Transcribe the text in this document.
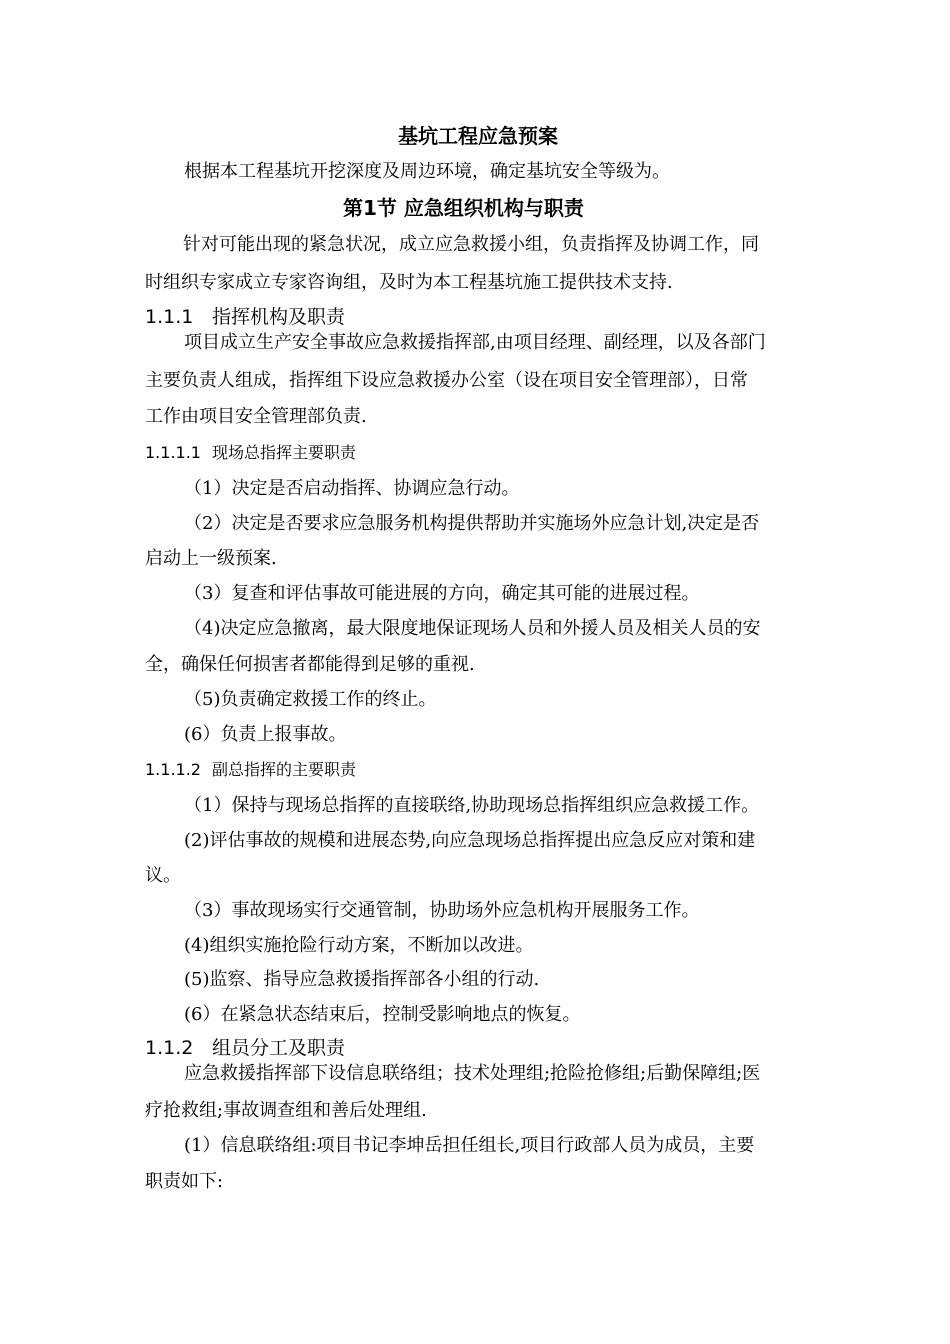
基坑工程应急预案
根据本工程基坑开挖深度及周边环境，确定基坑安全等级为。
第1节 应急组织机构与职责
针对可能出现的紧急状况，成立应急救援小组，负责指挥及协调工作，同
时组织专家成立专家咨询组，及时为本工程基坑施工提供技术支持.
1.1.1 指挥机构及职责
项目成立生产安全事故应急救援指挥部,由项目经理、副经理，以及各部门
主要负责人组成，指挥组下设应急救援办公室（设在项目安全管理部），日常
工作由项目安全管理部负责.
1.1.1.1 现场总指挥主要职责
（1）决定是否启动指挥、协调应急行动。
（2）决定是否要求应急服务机构提供帮助并实施场外应急计划,决定是否
启动上一级预案.
（3）复查和评估事故可能进展的方向，确定其可能的进展过程。
（4)决定应急撤离，最大限度地保证现场人员和外援人员及相关人员的安
全，确保任何损害者都能得到足够的重视.
（5)负责确定救援工作的终止。
(6）负责上报事故。
1.1.1.2 副总指挥的主要职责
（1）保持与现场总指挥的直接联络,协助现场总指挥组织应急救援工作。
(2)评估事故的规模和进展态势,向应急现场总指挥提出应急反应对策和建
议。
（3）事故现场实行交通管制，协助场外应急机构开展服务工作。
(4)组织实施抢险行动方案，不断加以改进。
(5)监察、指导应急救援指挥部各小组的行动.
(6）在紧急状态结束后，控制受影响地点的恢复。
1.1.2 组员分工及职责
应急救援指挥部下设信息联络组；技术处理组;抢险抢修组;后勤保障组;医
疗抢救组;事故调查组和善后处理组.
(1）信息联络组:项目书记李坤岳担任组长,项目行政部人员为成员，主要
职责如下:
